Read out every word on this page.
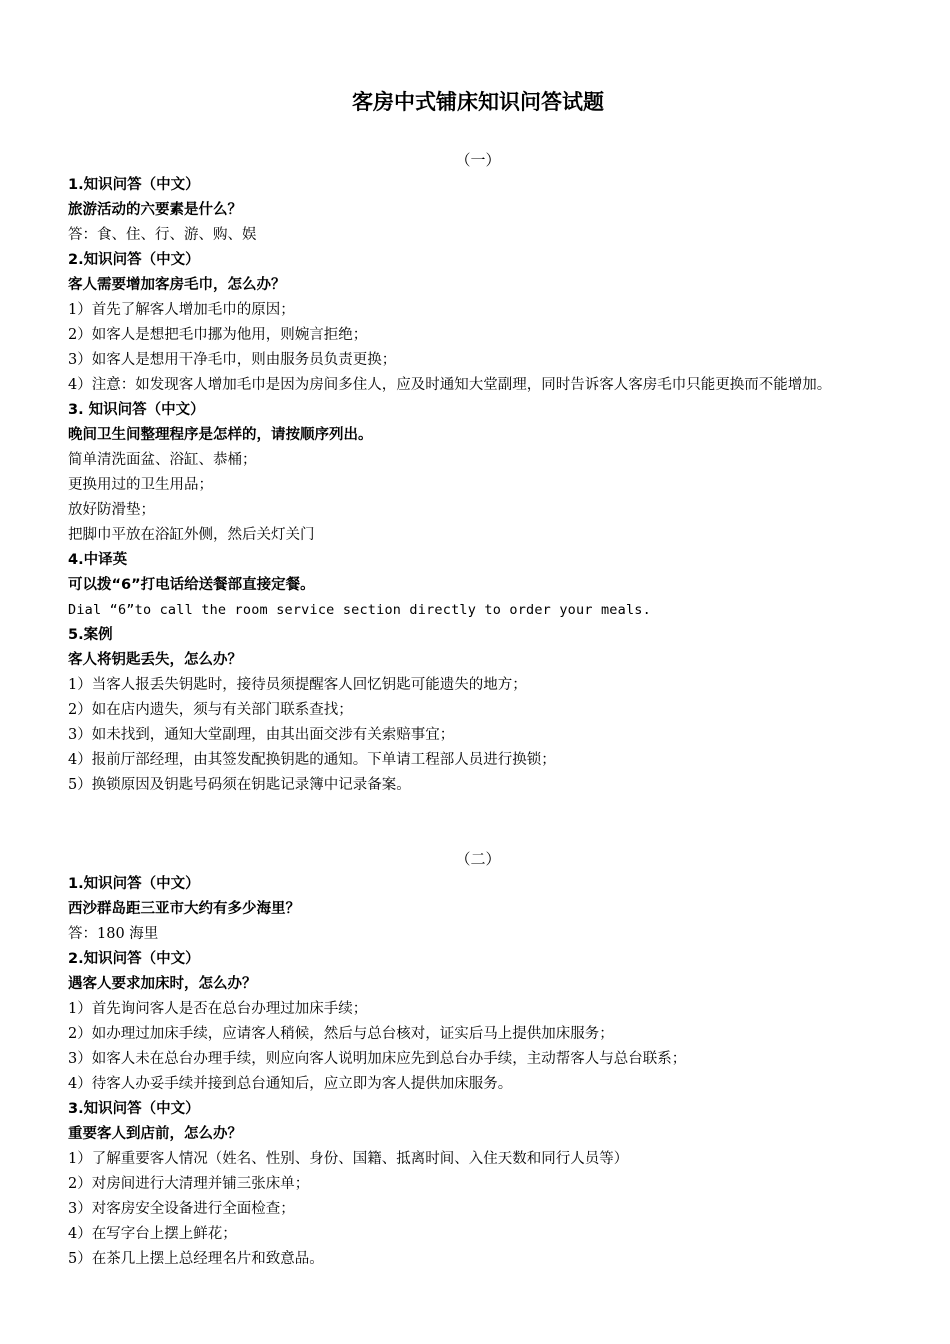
客房中式铺床知识问答试题
（一）
1.知识问答（中文）
旅游活动的六要素是什么？
答：食、住、行、游、购、娱
2.知识问答（中文）
客人需要增加客房毛巾，怎么办？
1）首先了解客人增加毛巾的原因；
2）如客人是想把毛巾挪为他用，则婉言拒绝；
3）如客人是想用干净毛巾，则由服务员负责更换；
4）注意：如发现客人增加毛巾是因为房间多住人，应及时通知大堂副理，同时告诉客人客房毛巾只能更换而不能增加。
3. 知识问答（中文）
晚间卫生间整理程序是怎样的，请按顺序列出。
简单清洗面盆、浴缸、恭桶；
更换用过的卫生用品；
放好防滑垫；
把脚巾平放在浴缸外侧，然后关灯关门
4.中译英
可以拨“6”打电话给送餐部直接定餐。
Dial “6”to call the room service section directly to order your meals.
5.案例
客人将钥匙丢失，怎么办？
1）当客人报丢失钥匙时，接待员须提醒客人回忆钥匙可能遗失的地方；
2）如在店内遗失，须与有关部门联系查找；
3）如未找到，通知大堂副理，由其出面交涉有关索赔事宜；
4）报前厅部经理，由其签发配换钥匙的通知。下单请工程部人员进行换锁；
5）换锁原因及钥匙号码须在钥匙记录簿中记录备案。
（二）
1.知识问答（中文）
西沙群岛距三亚市大约有多少海里？
答：180 海里
2.知识问答（中文）
遇客人要求加床时，怎么办？
1）首先询问客人是否在总台办理过加床手续；
2）如办理过加床手续，应请客人稍候，然后与总台核对，证实后马上提供加床服务；
3）如客人未在总台办理手续，则应向客人说明加床应先到总台办手续，主动帮客人与总台联系；
4）待客人办妥手续并接到总台通知后，应立即为客人提供加床服务。
3.知识问答（中文）
重要客人到店前，怎么办？
1）了解重要客人情况（姓名、性别、身份、国籍、抵离时间、入住天数和同行人员等）
2）对房间进行大清理并铺三张床单；
3）对客房安全设备进行全面检查；
4）在写字台上摆上鲜花；
5）在茶几上摆上总经理名片和致意品。
